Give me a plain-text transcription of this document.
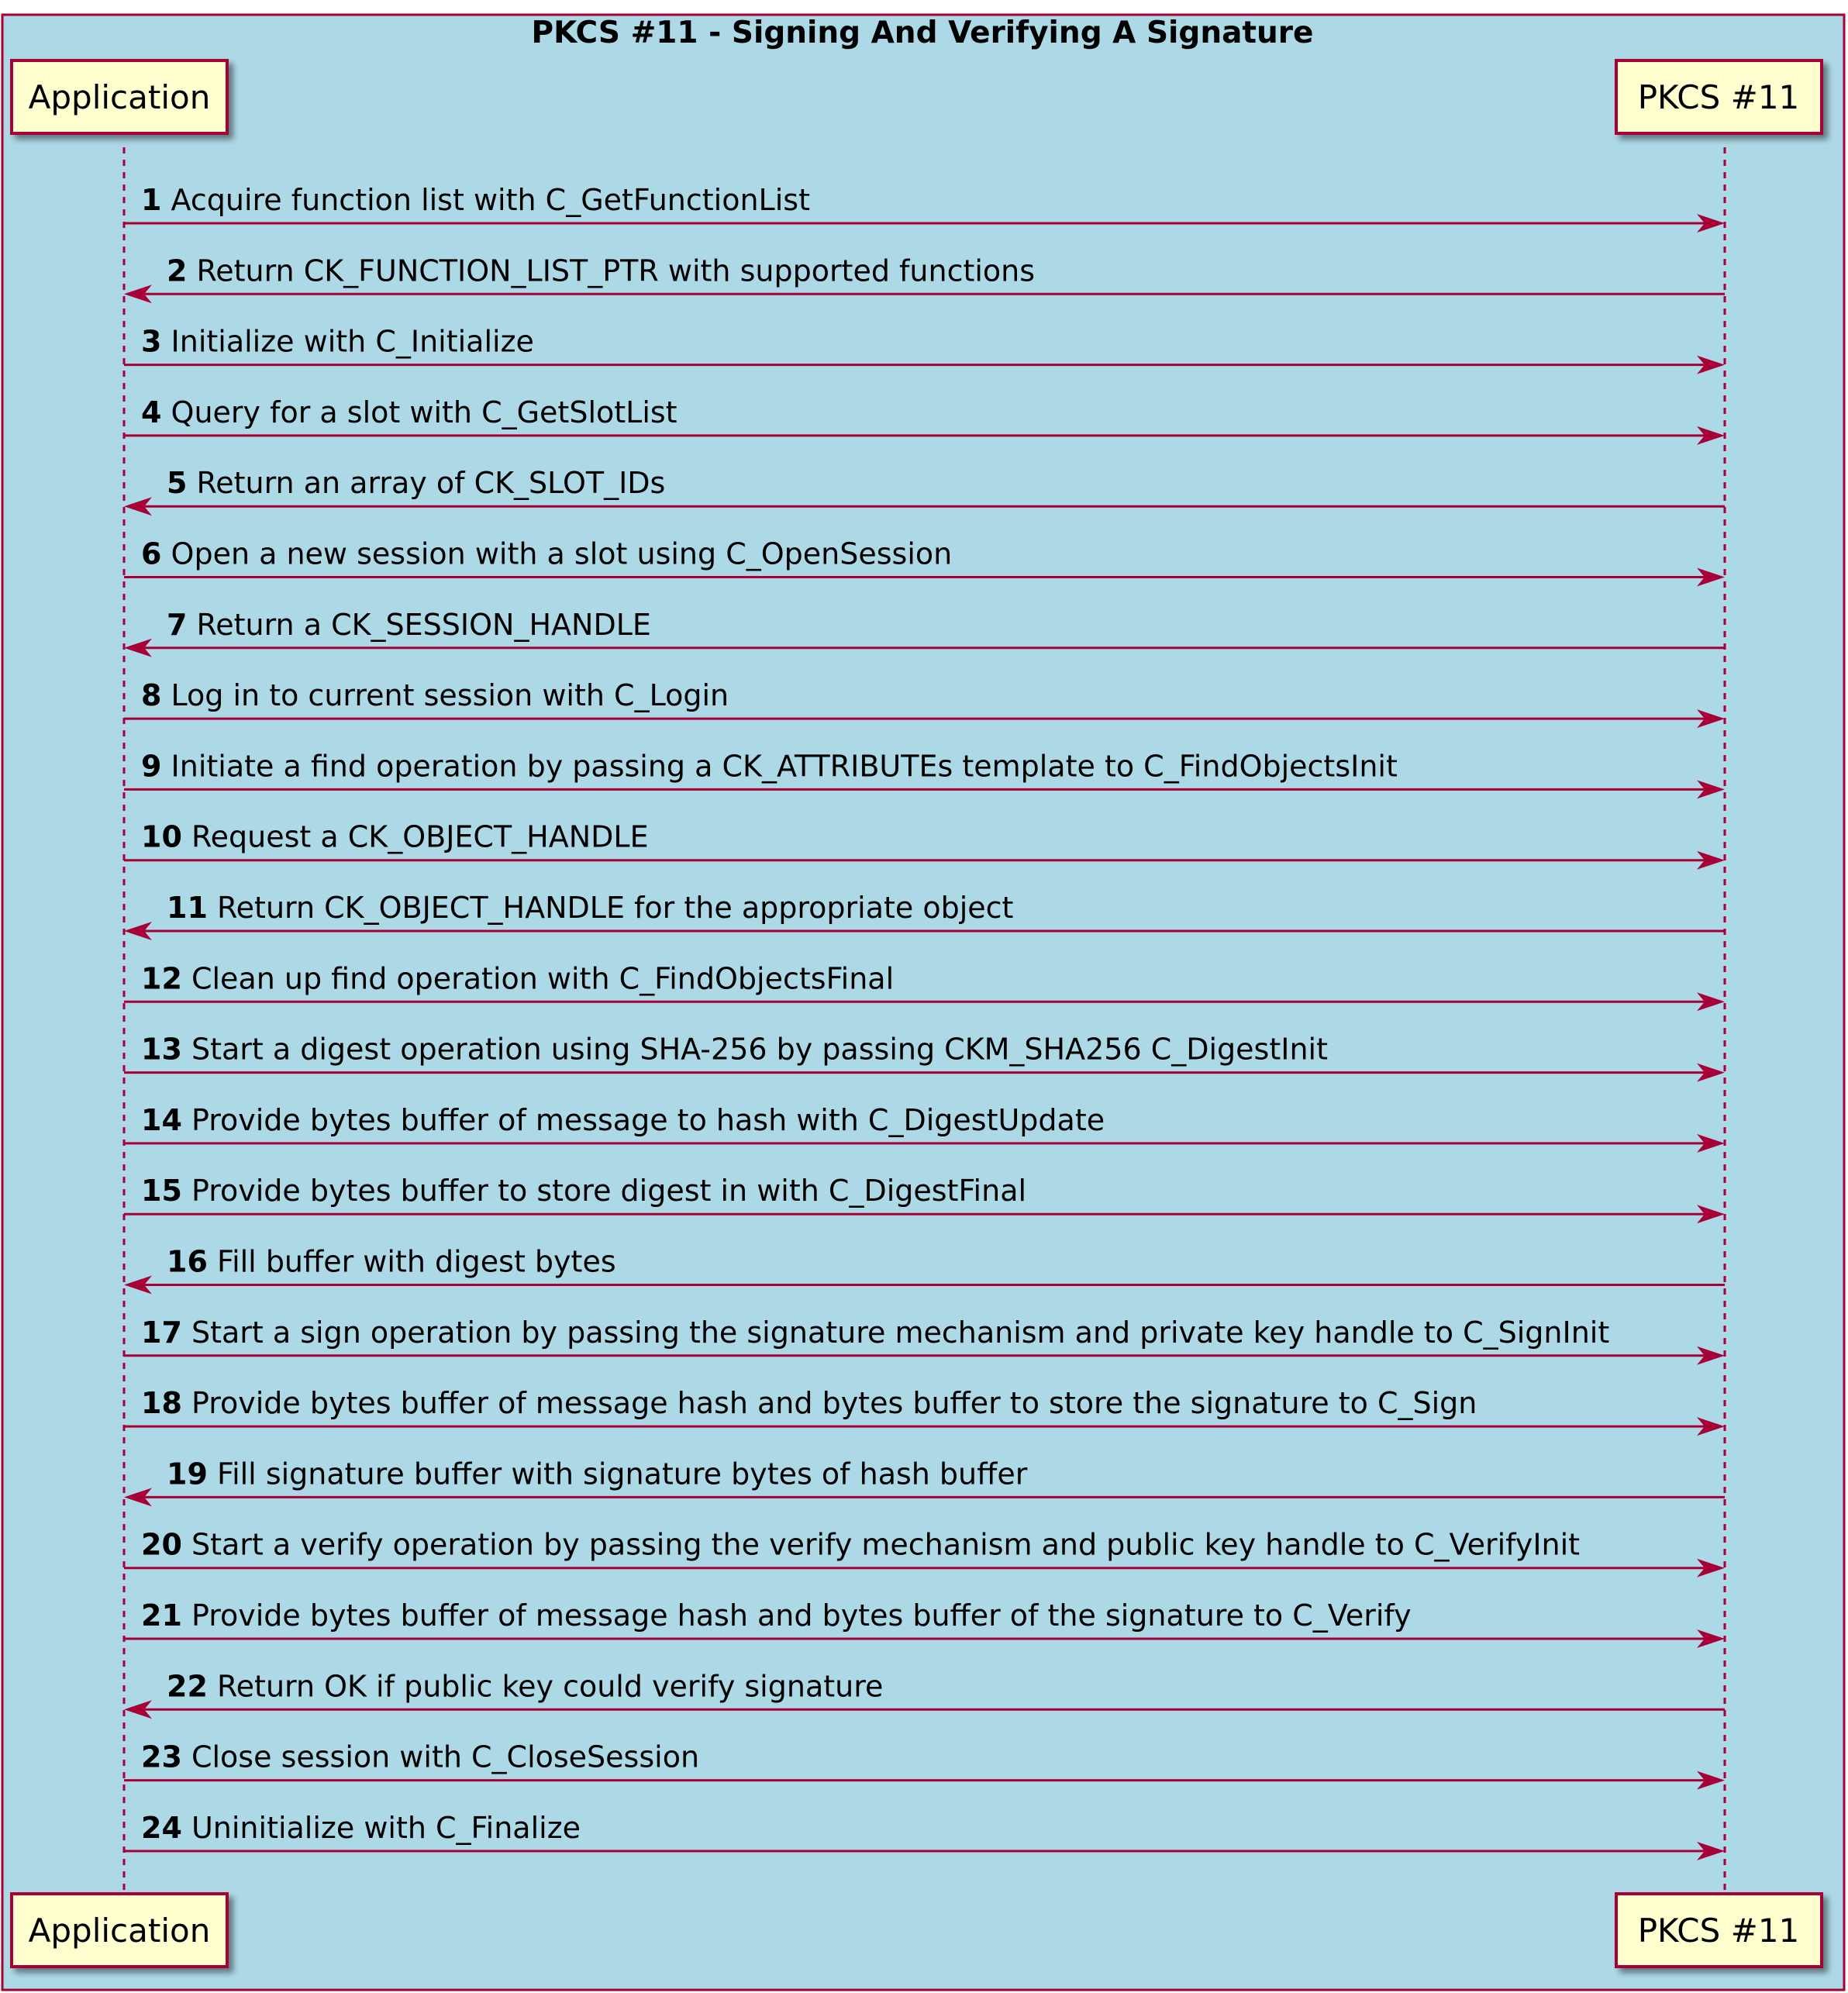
PKCS #11 - Signing And Verifying A Signature
Application	PKCS #11
Application	PKCS #11
1 Acquire function list with C_GetFunctionList
2 Return CK_FUNCTION_LIST_PTR with supported functions
3 Initialize with C_Initialize
4 Query for a slot with C_GetSlotList
5 Return an array of CK_SLOT_IDs
6 Open a new session with a slot using C_OpenSession
7 Return a CK_SESSION_HANDLE
8 Log in to current session with C_Login
9 Initiate a find operation by passing a CK_ATTRIBUTEs template to C_FindObjectsInit
10 Request a CK_OBJECT_HANDLE
11 Return CK_OBJECT_HANDLE for the appropriate object
12 Clean up find operation with C_FindObjectsFinal
13 Start a digest operation using SHA-256 by passing CKM_SHA256 C_DigestInit
14 Provide bytes buffer of message to hash with C_DigestUpdate
15 Provide bytes buffer to store digest in with C_DigestFinal
16 Fill buffer with digest bytes
17 Start a sign operation by passing the signature mechanism and private key handle to C_SignInit
18 Provide bytes buffer of message hash and bytes buffer to store the signature to C_Sign
19 Fill signature buffer with signature bytes of hash buffer
20 Start a verify operation by passing the verify mechanism and public key handle to C_VerifyInit
21 Provide bytes buffer of message hash and bytes buffer of the signature to C_Verify
22 Return OK if public key could verify signature
23 Close session with C_CloseSession
24 Uninitialize with C_Finalize
